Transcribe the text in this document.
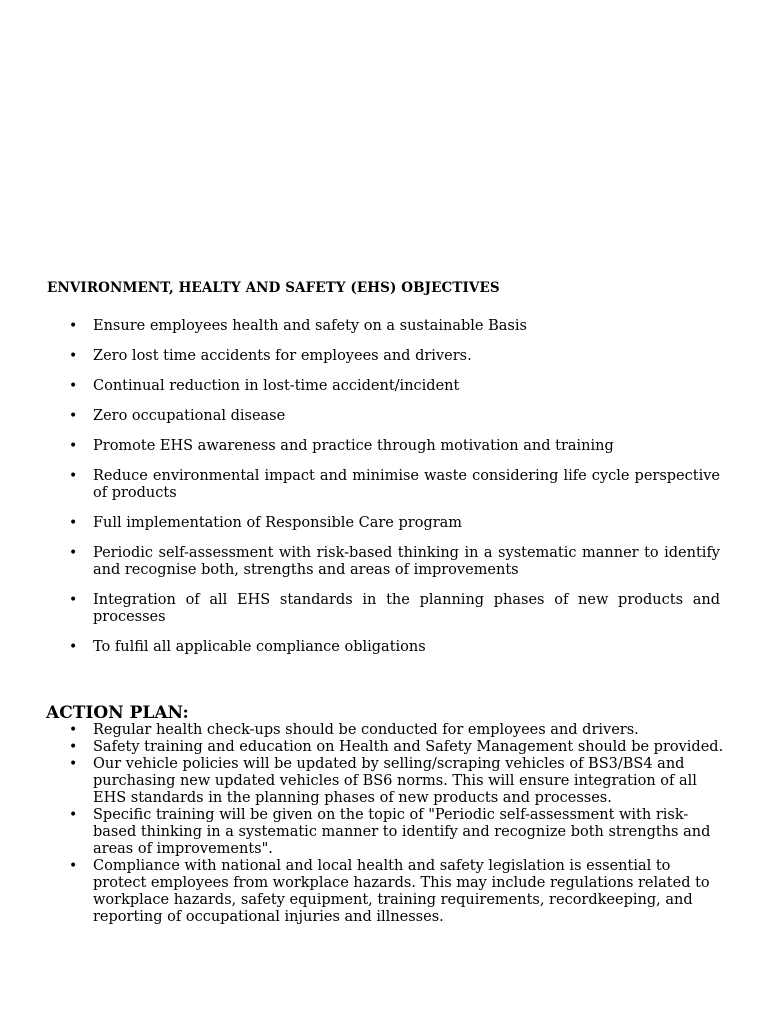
ENVIRONMENT, HEALTY AND SAFETY (EHS) OBJECTIVES
• Ensure employees health and safety on a sustainable Basis
• Zero lost time accidents for employees and drivers.
• Continual reduction in lost-time accident/incident
• Zero occupational disease
• Promote EHS awareness and practice through motivation and training
• Reduce environmental impact and minimise waste considering life cycle perspective of products
• Full implementation of Responsible Care program
• Periodic self-assessment with risk-based thinking in a systematic manner to identify and recognise both, strengths and areas of improvements
• Integration of all EHS standards in the planning phases of new products and processes
• To fulfil all applicable compliance obligations
ACTION PLAN:
• Regular health check-ups should be conducted for employees and drivers.
• Safety training and education on Health and Safety Management should be provided.
• Our vehicle policies will be updated by selling/scraping vehicles of BS3/BS4 and purchasing new updated vehicles of BS6 norms. This will ensure integration of all EHS standards in the planning phases of new products and processes.
• Specific training will be given on the topic of "Periodic self-assessment with risk-based thinking in a systematic manner to identify and recognize both strengths and areas of improvements".
• Compliance with national and local health and safety legislation is essential to protect employees from workplace hazards. This may include regulations related to workplace hazards, safety equipment, training requirements, recordkeeping, and reporting of occupational injuries and illnesses.
